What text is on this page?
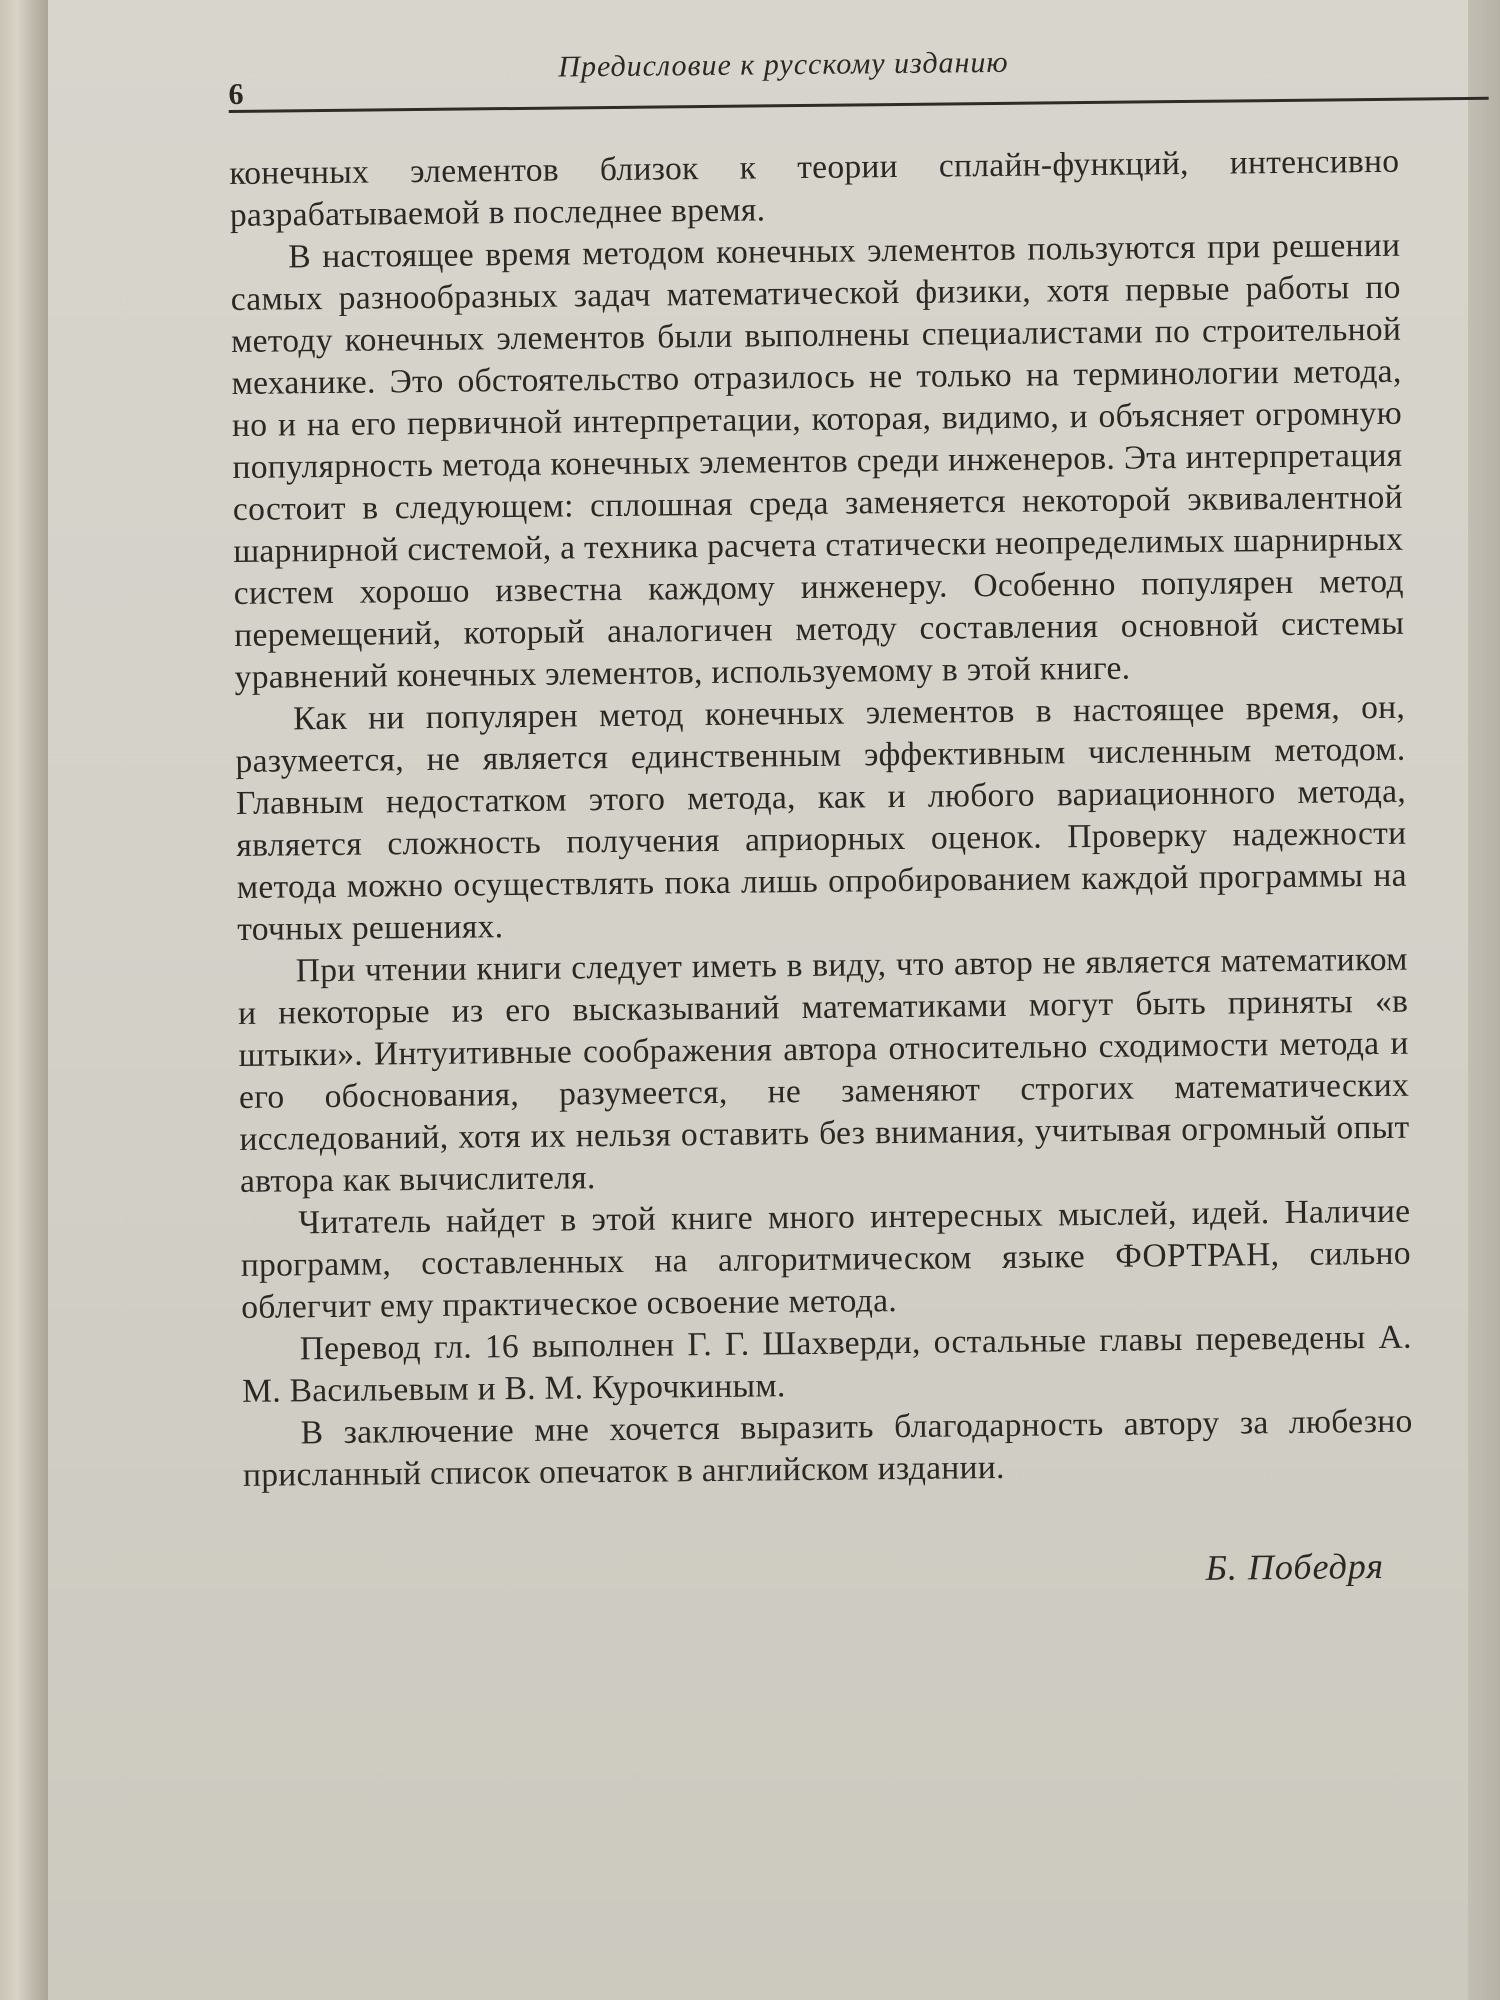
6
Предисловие к русскому изданию

конечных элементов близок к теории сплайн-функций, интенсивно разрабатываемой в последнее время.

В настоящее время методом конечных элементов пользуются при решении самых разнообразных задач математической физики, хотя первые работы по методу конечных элементов были выполнены специалистами по строительной механике. Это обстоятельство отразилось не только на терминологии метода, но и на его первичной интерпретации, которая, видимо, и объясняет огромную популярность метода конечных элементов среди инженеров. Эта интерпретация состоит в следующем: сплошная среда заменяется некоторой эквивалентной шарнирной системой, а техника расчета статически неопределимых шарнирных систем хорошо известна каждому инженеру. Особенно популярен метод перемещений, который аналогичен методу составления основной системы уравнений конечных элементов, используемому в этой книге.

Как ни популярен метод конечных элементов в настоящее время, он, разумеется, не является единственным эффективным численным методом. Главным недостатком этого метода, как и любого вариационного метода, является сложность получения априорных оценок. Проверку надежности метода можно осуществлять пока лишь опробированием каждой программы на точных решениях.

При чтении книги следует иметь в виду, что автор не является математиком и некоторые из его высказываний математиками могут быть приняты «в штыки». Интуитивные соображения автора относительно сходимости метода и его обоснования, разумеется, не заменяют строгих математических исследований, хотя их нельзя оставить без внимания, учитывая огромный опыт автора как вычислителя.

Читатель найдет в этой книге много интересных мыслей, идей. Наличие программ, составленных на алгоритмическом языке ФОРТРАН, сильно облегчит ему практическое освоение метода.

Перевод гл. 16 выполнен Г. Г. Шахверди, остальные главы переведены А. М. Васильевым и В. М. Курочкиным.

В заключение мне хочется выразить благодарность автору за любезно присланный список опечаток в английском издании.

Б. Победря
